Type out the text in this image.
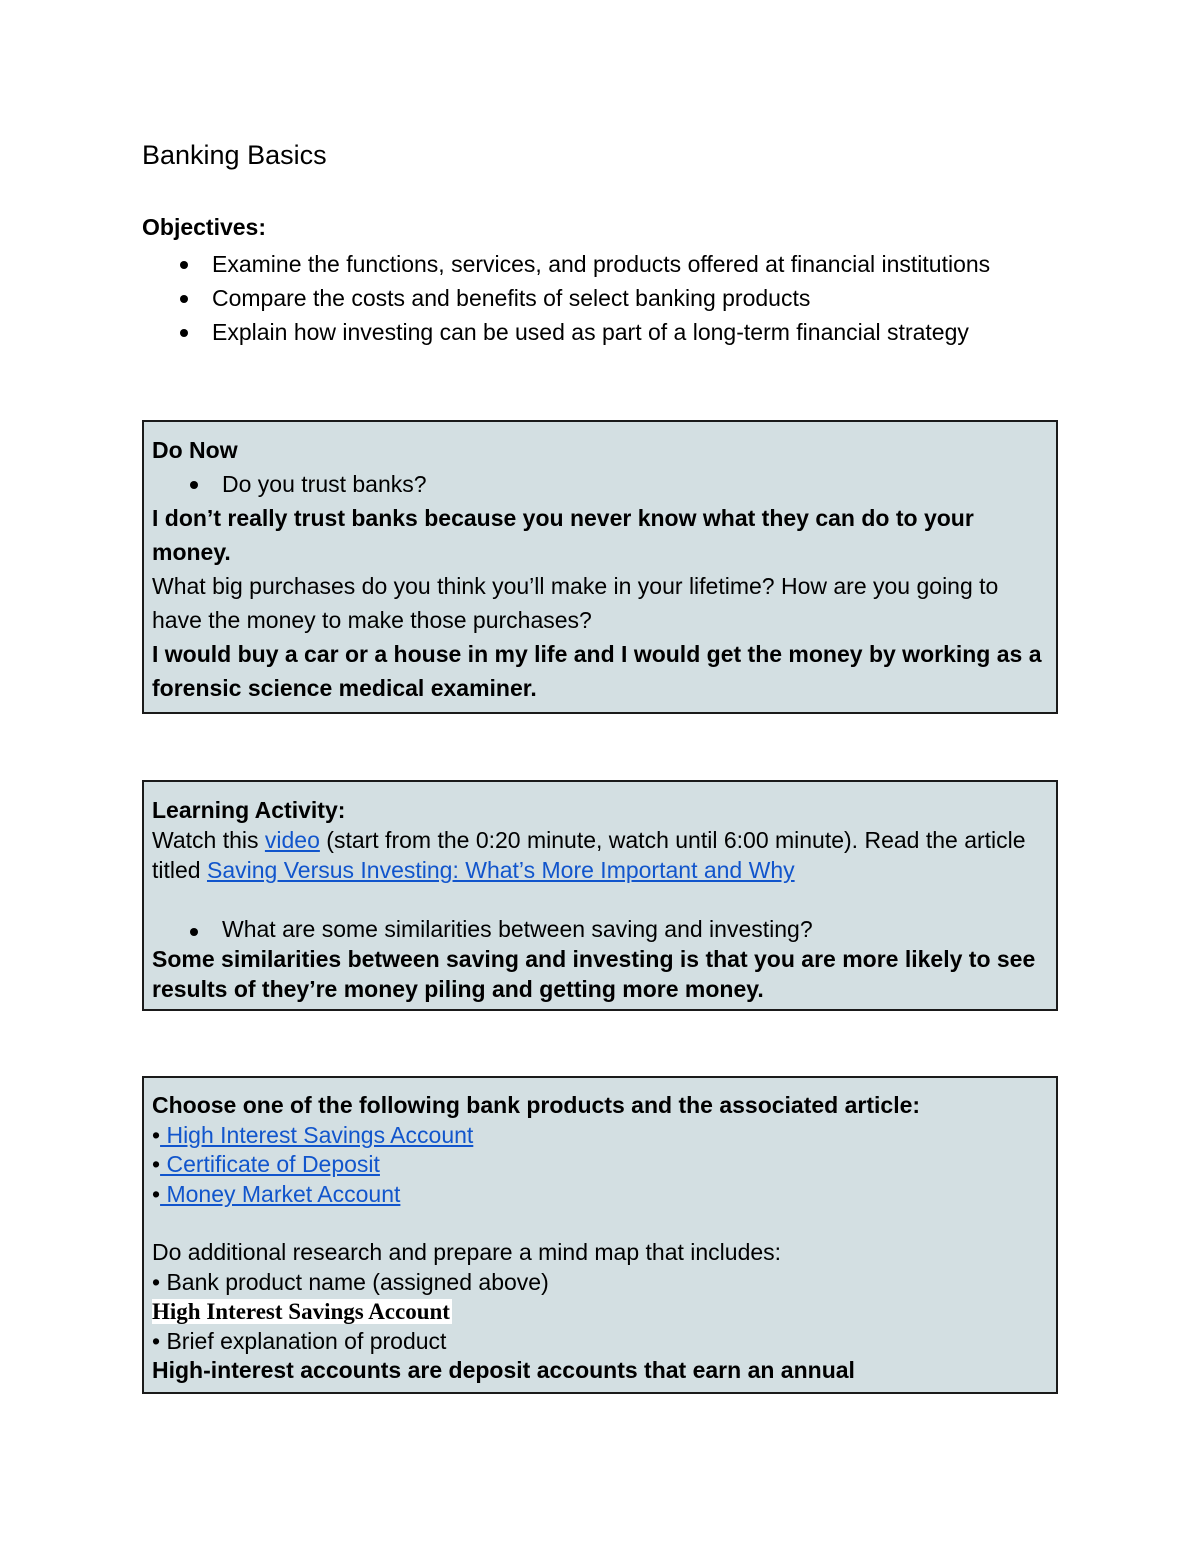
Banking Basics
Objectives:
Examine the functions, services, and products offered at financial institutions
Compare the costs and benefits of select banking products
Explain how investing can be used as part of a long-term financial strategy

Do Now

Do you trust banks?

I don’t really trust banks because you never know what they can do to your money.

What big purchases do you think you’ll make in your lifetime? How are you going to have the money to make those purchases?

I would buy a car or a house in my life and I would get the money by working as a forensic science medical examiner.

Learning Activity:

Watch this video (start from the 0:20 minute, watch until 6:00 minute). Read the article titled Saving Versus Investing: What’s More Important and Why

What are some similarities between saving and investing?

Some similarities between saving and investing is that you are more likely to see results of they’re money piling and getting more money.

Choose one of the following bank products and the associated article:

• High Interest Savings Account

• Certificate of Deposit

• Money Market Account

Do additional research and prepare a mind map that includes:

• Bank product name (assigned above)

High Interest Savings Account

• Brief explanation of product

High-interest accounts are deposit accounts that earn an annual
